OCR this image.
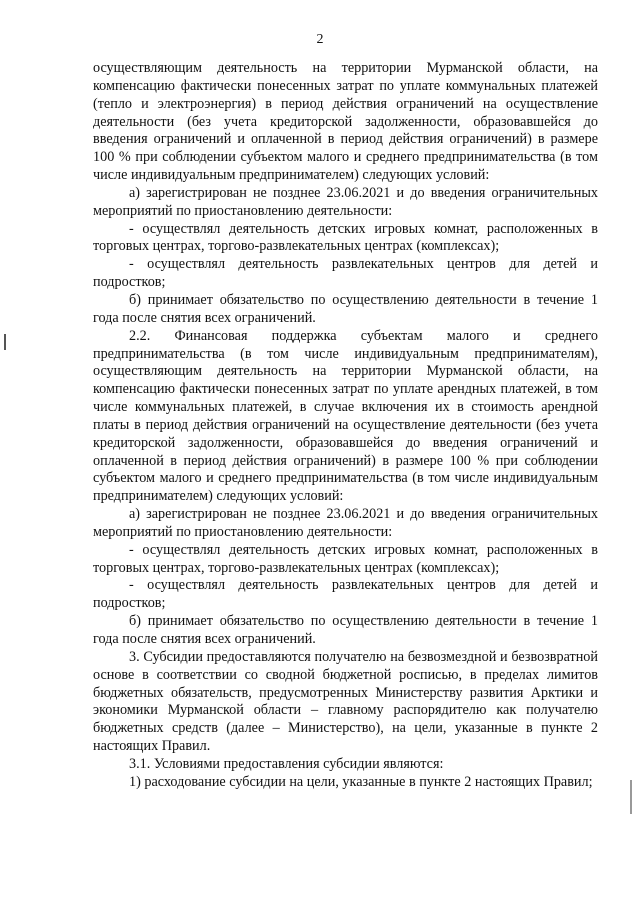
2

осуществляющим деятельность на территории Мурманской области, на компенсацию фактически понесенных затрат по уплате коммунальных платежей (тепло и электроэнергия) в период действия ограничений на осуществление деятельности (без учета кредиторской задолженности, образовавшейся до введения ограничений и оплаченной в период действия ограничений) в размере 100 % при соблюдении субъектом малого и среднего предпринимательства (в том числе индивидуальным предпринимателем) следующих условий:

а) зарегистрирован не позднее 23.06.2021 и до введения ограничительных мероприятий по приостановлению деятельности:

- осуществлял деятельность детских игровых комнат, расположенных в торговых центрах, торгово-развлекательных центрах (комплексах);

- осуществлял деятельность развлекательных центров для детей и подростков;

б) принимает обязательство по осуществлению деятельности в течение 1 года после снятия всех ограничений.

2.2. Финансовая поддержка субъектам малого и среднего предпринимательства (в том числе индивидуальным предпринимателям), осуществляющим деятельность на территории Мурманской области, на компенсацию фактически понесенных затрат по уплате арендных платежей, в том числе коммунальных платежей, в случае включения их в стоимость арендной платы в период действия ограничений на осуществление деятельности (без учета кредиторской задолженности, образовавшейся до введения ограничений и оплаченной в период действия ограничений) в размере 100 % при соблюдении субъектом малого и среднего предпринимательства (в том числе индивидуальным предпринимателем) следующих условий:

а) зарегистрирован не позднее 23.06.2021 и до введения ограничительных мероприятий по приостановлению деятельности:

- осуществлял деятельность детских игровых комнат, расположенных в торговых центрах, торгово-развлекательных центрах (комплексах);

- осуществлял деятельность развлекательных центров для детей и подростков;

б) принимает обязательство по осуществлению деятельности в течение 1 года после снятия всех ограничений.

3. Субсидии предоставляются получателю на безвозмездной и безвозвратной основе в соответствии со сводной бюджетной росписью, в пределах лимитов бюджетных обязательств, предусмотренных Министерству развития Арктики и экономики Мурманской области – главному распорядителю как получателю бюджетных средств (далее – Министерство), на цели, указанные в пункте 2 настоящих Правил.

3.1. Условиями предоставления субсидии являются:

1) расходование субсидии на цели, указанные в пункте 2 настоящих Правил;
